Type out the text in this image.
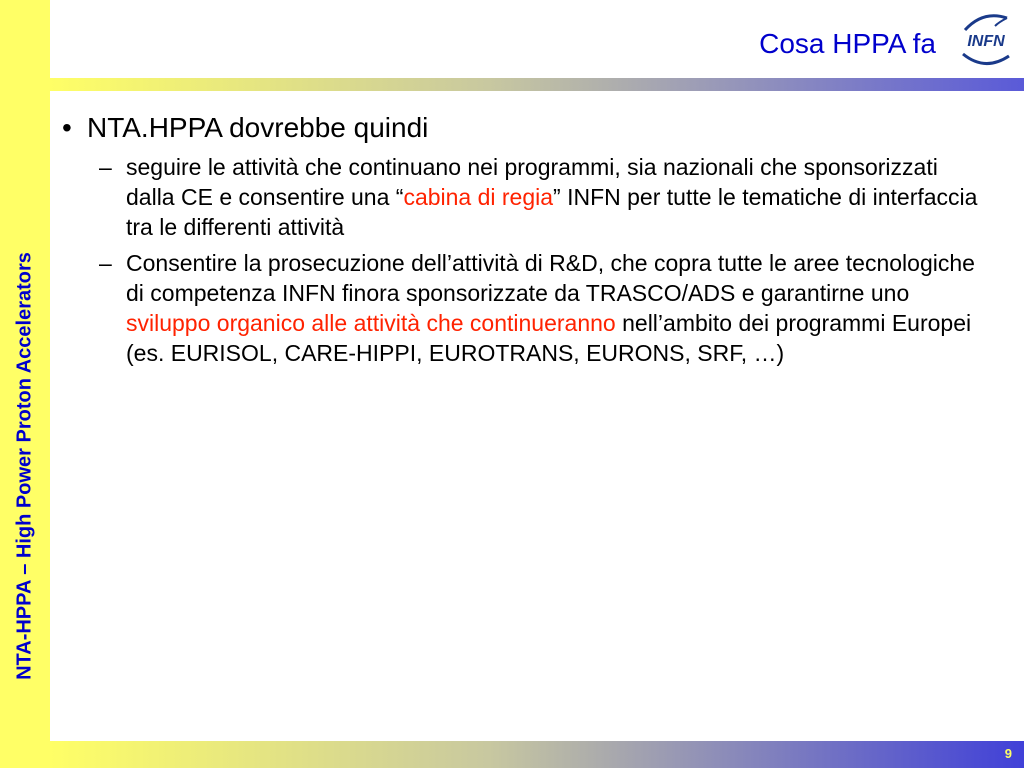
NTA-HPPA – High Power Proton Accelerators
Cosa HPPA fa INFN
• NTA.HPPA dovrebbe quindi
– seguire le attività che continuano nei programmi, sia nazionali che sponsorizzati dalla CE e consentire una “cabina di regia” INFN per tutte le tematiche di interfaccia tra le differenti attività
– Consentire la prosecuzione dell’attività di R&D, che copra tutte le aree tecnologiche di competenza INFN finora sponsorizzate da TRASCO/ADS e garantirne uno sviluppo organico alle attività che continueranno nell’ambito dei programmi Europei (es. EURISOL, CARE-HIPPI, EUROTRANS, EURONS, SRF, …)
9
